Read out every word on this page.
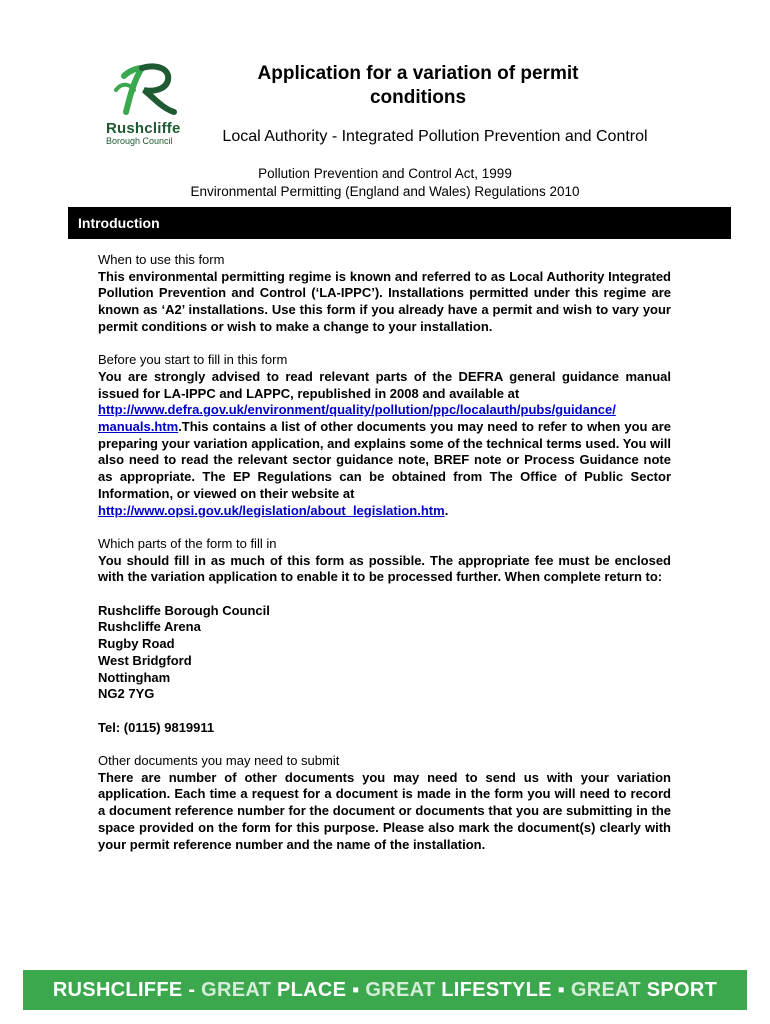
Rushcliffe
Borough Council
Application for a variation of permit conditions
Local Authority - Integrated Pollution Prevention and Control
Pollution Prevention and Control Act, 1999
Environmental Permitting (England and Wales) Regulations 2010
Introduction

When to use this form

This environmental permitting regime is known and referred to as Local Authority Integrated Pollution Prevention and Control (‘LA-IPPC’). Installations permitted under this regime are known as ‘A2’ installations. Use this form if you already have a permit and wish to vary your permit conditions or wish to make a change to your installation.

Before you start to fill in this form

You are strongly advised to read relevant parts of the DEFRA general guidance manual issued for LA-IPPC and LAPPC, republished in 2008 and available at
http://www.defra.gov.uk/environment/quality/pollution/ppc/localauth/pubs/guidance/
manuals.htm.This contains a list of other documents you may need to refer to when you are preparing your variation application, and explains some of the technical terms used. You will also need to read the relevant sector guidance note, BREF note or Process Guidance note as appropriate. The EP Regulations can be obtained from The Office of Public Sector Information, or viewed on their website at
http://www.opsi.gov.uk/legislation/about_legislation.htm.

Which parts of the form to fill in

You should fill in as much of this form as possible. The appropriate fee must be enclosed with the variation application to enable it to be processed further. When complete return to:

Rushcliffe Borough Council
Rushcliffe Arena
Rugby Road
West Bridgford
Nottingham
NG2 7YG
Tel: (0115) 9819911

Other documents you may need to submit

There are number of other documents you may need to send us with your variation application. Each time a request for a document is made in the form you will need to record a document reference number for the document or documents that you are submitting in the space provided on the form for this purpose. Please also mark the document(s) clearly with your permit reference number and the name of the installation.

RUSHCLIFFE - GREAT PLACE ▪ GREAT LIFESTYLE ▪ GREAT SPORT
